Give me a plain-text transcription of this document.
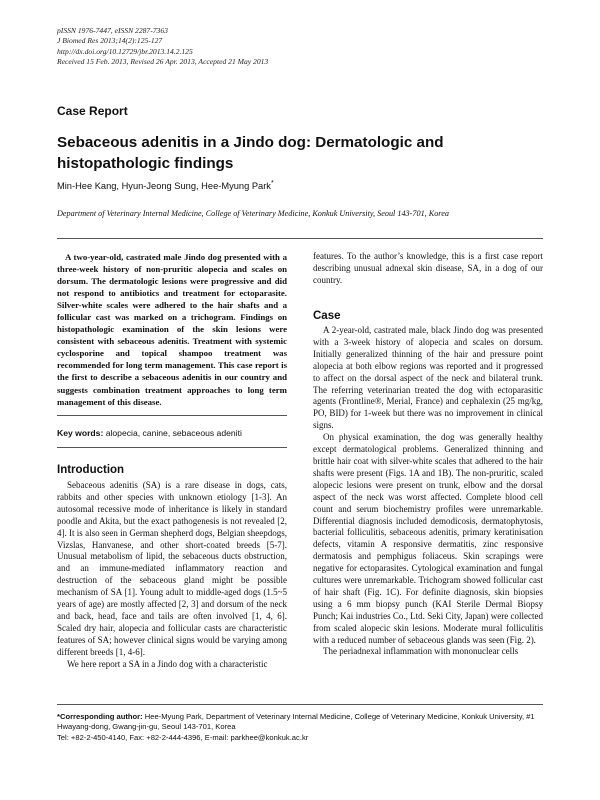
pISSN 1976-7447, eISSN 2287-7363
J Biomed Res 2013;14(2):125-127
http://dx.doi.org/10.12729/jbr.2013.14.2.125
Received 15 Feb. 2013, Revised 26 Apr. 2013, Accepted 21 May 2013
Case Report
Sebaceous adenitis in a Jindo dog: Dermatologic and histopathologic findings
Min-Hee Kang, Hyun-Jeong Sung, Hee-Myung Park*
Department of Veterinary Internal Medicine, College of Veterinary Medicine, Konkuk University, Seoul 143-701, Korea
A two-year-old, castrated male Jindo dog presented with a three-week history of non-pruritic alopecia and scales on dorsum. The dermatologic lesions were progressive and did not respond to antibiotics and treatment for ectoparasite. Silver-white scales were adhered to the hair shafts and a follicular cast was marked on a trichogram. Findings on histopathologic examination of the skin lesions were consistent with sebaceous adenitis. Treatment with systemic cyclosporine and topical shampoo treatment was recommended for long term management. This case report is the first to describe a sebaceous adenitis in our country and suggests combination treatment approaches to long term management of this disease.
Key words: alopecia, canine, sebaceous adeniti
Introduction

Sebaceous adenitis (SA) is a rare disease in dogs, cats, rabbits and other species with unknown etiology [1-3]. An autosomal recessive mode of inheritance is likely in standard poodle and Akita, but the exact pathogenesis is not revealed [2, 4]. It is also seen in German shepherd dogs, Belgian sheepdogs, Vizslas, Hanvanese, and other short-coated breeds [5-7]. Unusual metabolism of lipid, the sebaceous ducts obstruction, and an immune-mediated inflammatory reaction and destruction of the sebaceous gland might be possible mechanism of SA [1]. Young adult to middle-aged dogs (1.5~5 years of age) are mostly affected [2, 3] and dorsum of the neck and back, head, face and tails are often involved [1, 4, 6]. Scaled dry hair, alopecia and follicular casts are characteristic features of SA; however clinical signs would be varying among different breeds [1, 4-6].

We here report a SA in a Jindo dog with a characteristic

features. To the author’s knowledge, this is a first case report describing unusual adnexal skin disease, SA, in a dog of our country.

Case

A 2-year-old, castrated male, black Jindo dog was presented with a 3-week history of alopecia and scales on dorsum. Initially generalized thinning of the hair and pressure point alopecia at both elbow regions was reported and it progressed to affect on the dorsal aspect of the neck and bilateral trunk. The referring veterinarian treated the dog with ectoparasitic agents (Frontline®, Merial, France) and cephalexin (25 mg/kg, PO, BID) for 1-week but there was no improvement in clinical signs.

On physical examination, the dog was generally healthy except dermatological problems. Generalized thinning and brittle hair coat with silver-white scales that adhered to the hair shafts were present (Figs. 1A and 1B). The non-pruritic, scaled alopecic lesions were present on trunk, elbow and the dorsal aspect of the neck was worst affected. Complete blood cell count and serum biochemistry profiles were unremarkable. Differential diagnosis included demodicosis, dermatophytosis, bacterial folliculitis, sebaceous adenitis, primary keratinisation defects, vitamin A responsive dermatitis, zinc responsive dermatosis and pemphigus foliaceus. Skin scrapings were negative for ectoparasites. Cytological examination and fungal cultures were unremarkable. Trichogram showed follicular cast of hair shaft (Fig. 1C). For definite diagnosis, skin biopsies using a 6 mm biopsy punch (KAI Sterile Dermal Biopsy Punch; Kai industries Co., Ltd. Seki City, Japan) were collected from scaled alopecic skin lesions. Moderate mural folliculitis with a reduced number of sebaceous glands was seen (Fig. 2).

The periadnexal inflammation with mononuclear cells

*Corresponding author: Hee-Myung Park, Department of Veterinary Internal Medicine, College of Veterinary Medicine, Konkuk University, #1 Hwayang-dong, Gwang-jin-gu, Seoul 143-701, Korea
Tel: +82-2-450-4140, Fax: +82-2-444-4396, E-mail: parkhee@konkuk.ac.kr
